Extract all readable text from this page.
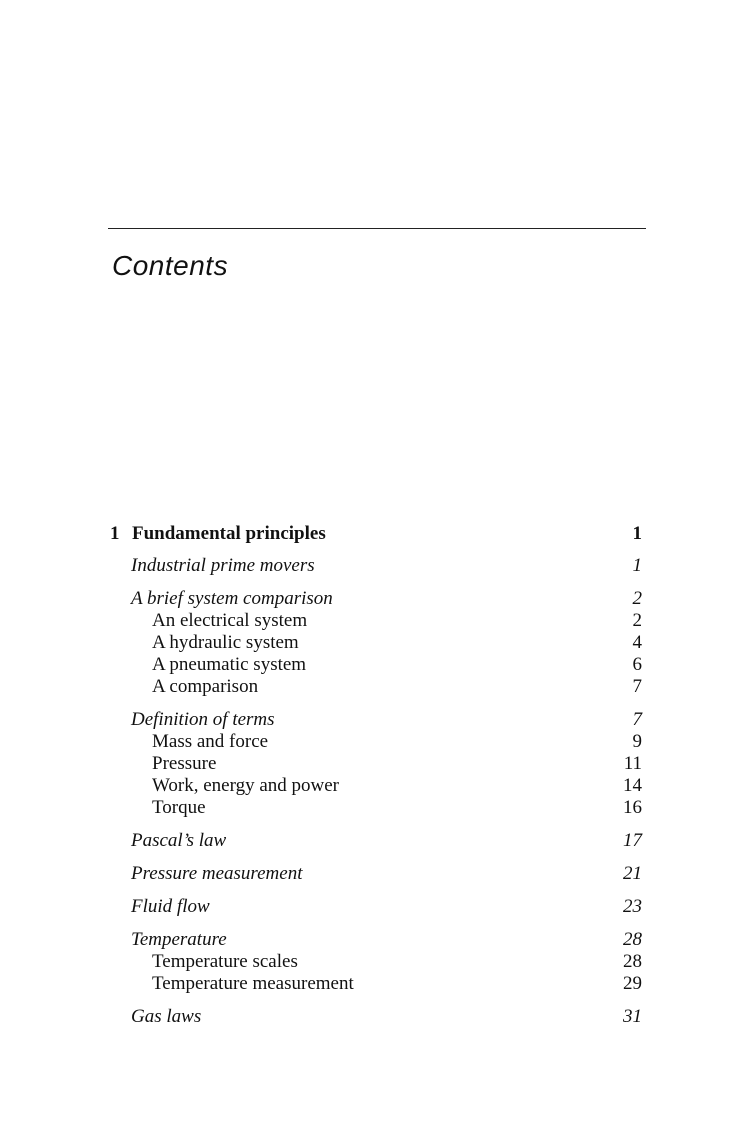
Contents
1 Fundamental principles	1
Industrial prime movers	1
A brief system comparison	2
An electrical system	2
A hydraulic system	4
A pneumatic system	6
A comparison	7
Definition of terms	7
Mass and force	9
Pressure	11
Work, energy and power	14
Torque	16
Pascal’s law	17
Pressure measurement	21
Fluid flow	23
Temperature	28
Temperature scales	28
Temperature measurement	29
Gas laws	31
